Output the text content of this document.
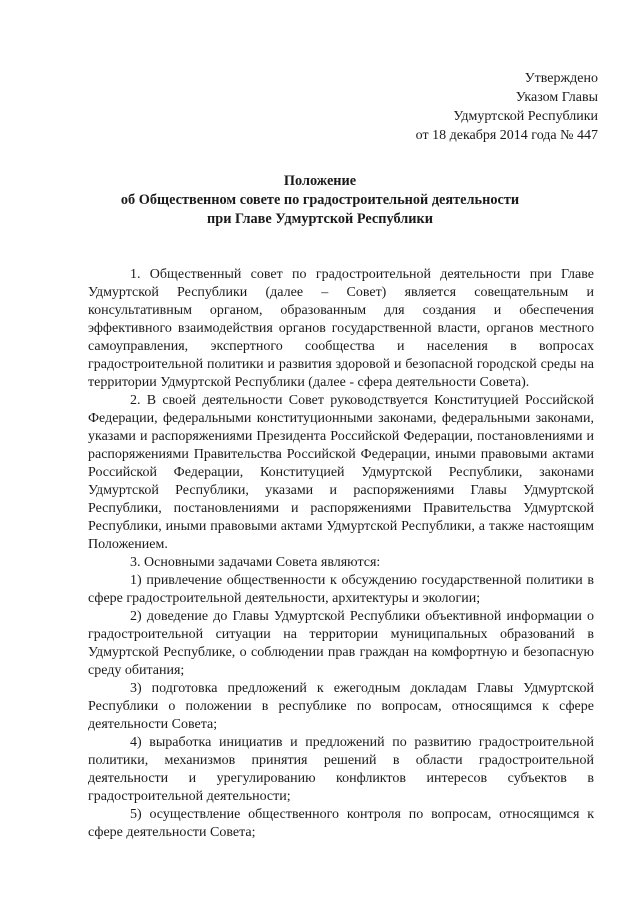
Утверждено
Указом Главы
Удмуртской Республики
от 18 декабря 2014 года № 447
Положение
об Общественном совете по градостроительной деятельности
при Главе Удмуртской Республики

1. Общественный совет по градостроительной деятельности при Главе Удмуртской Республики (далее – Совет) является совещательным и консультативным органом, образованным для создания и обеспечения эффективного взаимодействия органов государственной власти, органов местного самоуправления, экспертного сообщества и населения в вопросах градостроительной политики и развития здоровой и безопасной городской среды на территории Удмуртской Республики (далее - сфера деятельности Совета).

2. В своей деятельности Совет руководствуется Конституцией Российской Федерации, федеральными конституционными законами, федеральными законами, указами и распоряжениями Президента Российской Федерации, постановлениями и распоряжениями Правительства Российской Федерации, иными правовыми актами Российской Федерации, Конституцией Удмуртской Республики, законами Удмуртской Республики, указами и распоряжениями Главы Удмуртской Республики, постановлениями и распоряжениями Правительства Удмуртской Республики, иными правовыми актами Удмуртской Республики, а также настоящим Положением.

3. Основными задачами Совета являются:

1) привлечение общественности к обсуждению государственной политики в сфере градостроительной деятельности, архитектуры и экологии;

2) доведение до Главы Удмуртской Республики объективной информации о градостроительной ситуации на территории муниципальных образований в Удмуртской Республике, о соблюдении прав граждан на комфортную и безопасную среду обитания;

3) подготовка предложений к ежегодным докладам Главы Удмуртской Республики о положении в республике по вопросам, относящимся к сфере деятельности Совета;

4) выработка инициатив и предложений по развитию градостроительной политики, механизмов принятия решений в области градостроительной деятельности и урегулированию конфликтов интересов субъектов в градостроительной деятельности;

5) осуществление общественного контроля по вопросам, относящимся к сфере деятельности Совета;
